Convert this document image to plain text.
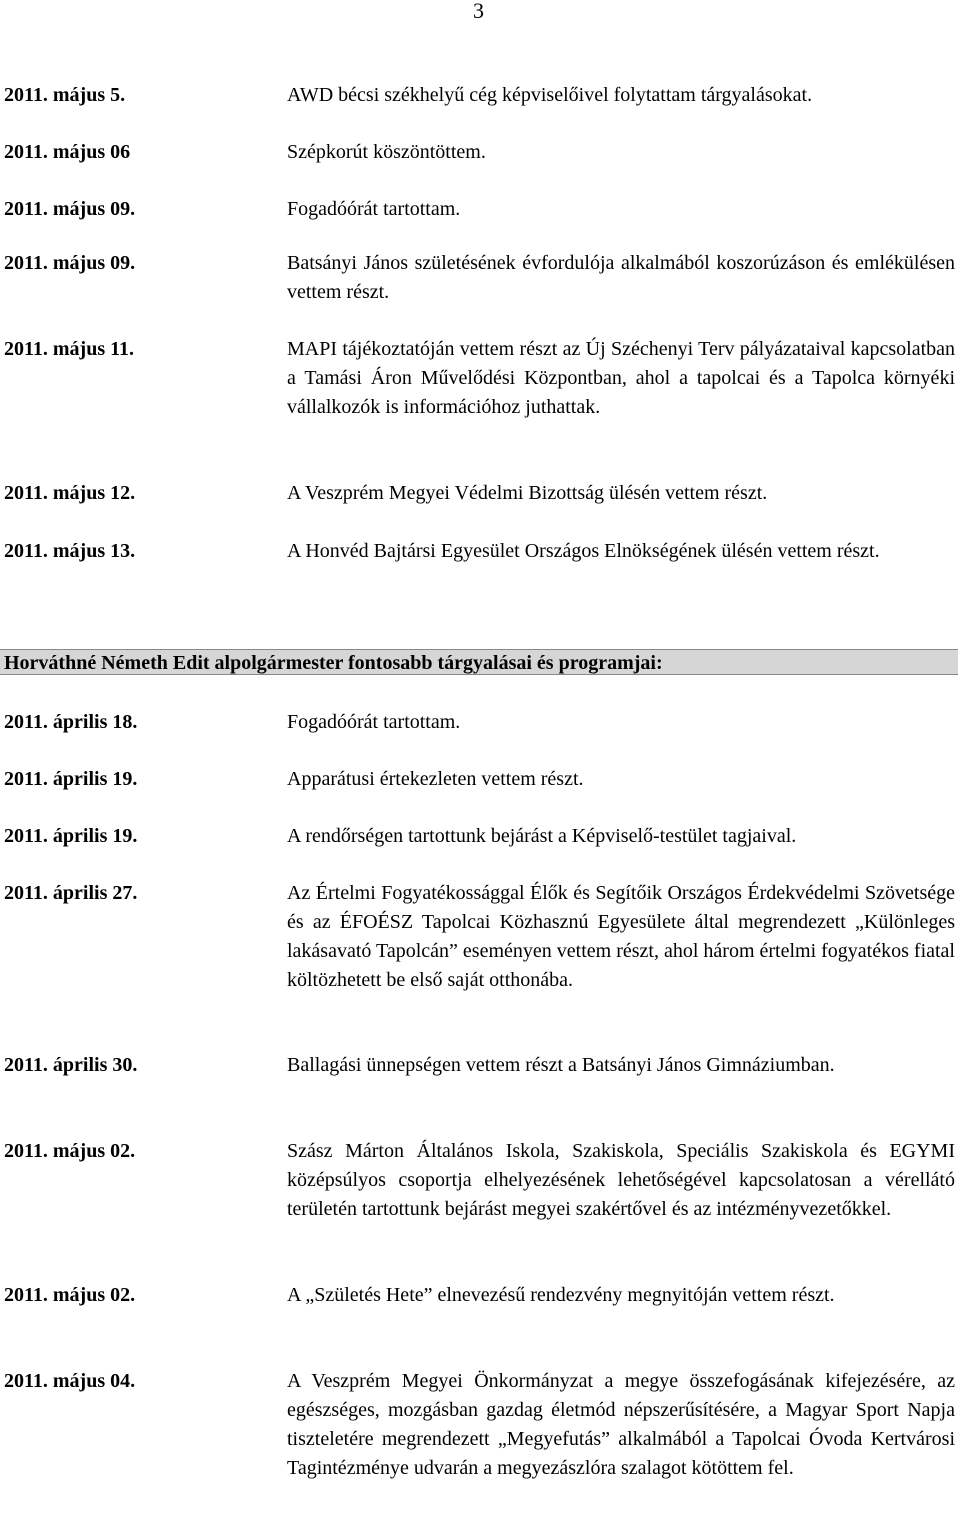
3
2011. május 5.	AWD bécsi székhelyű cég képviselőivel folytattam tárgyalásokat.
2011. május 06	Szépkorút köszöntöttem.
2011. május 09.	Fogadóórát tartottam.
2011. május 09.	Batsányi János születésének évfordulója alkalmából koszorúzáson és emlékülésen vettem részt.
2011. május 11.	MAPI tájékoztatóján vettem részt az Új Széchenyi Terv pályázataival kapcsolatban a Tamási Áron Művelődési Központban, ahol a tapolcai és a Tapolca környéki vállalkozók is információhoz juthattak.
2011. május 12.	A Veszprém Megyei Védelmi Bizottság ülésén vettem részt.
2011. május 13.	A Honvéd Bajtársi Egyesület Országos Elnökségének ülésén vettem részt.
Horváthné Németh Edit alpolgármester fontosabb tárgyalásai és programjai:
2011. április 18.	Fogadóórát tartottam.
2011. április 19.	Apparátusi értekezleten vettem részt.
2011. április 19.	A rendőrségen tartottunk bejárást a Képviselő-testület tagjaival.
2011. április 27.	Az Értelmi Fogyatékossággal Élők és Segítőik Országos Érdekvédelmi Szövetsége és az ÉFOÉSZ Tapolcai Közhasznú Egyesülete által megrendezett „Különleges lakásavató Tapolcán” eseményen vettem részt, ahol három értelmi fogyatékos fiatal költözhetett be első saját otthonába.
2011. április 30.	Ballagási ünnepségen vettem részt a Batsányi János Gimnáziumban.
2011. május 02.	Szász Márton Általános Iskola, Szakiskola, Speciális Szakiskola és EGYMI középsúlyos csoportja elhelyezésének lehetőségével kapcsolatosan a vérellátó területén tartottunk bejárást megyei szakértővel és az intézményvezetőkkel.
2011. május 02.	A „Születés Hete” elnevezésű rendezvény megnyitóján vettem részt.
2011. május 04.	A Veszprém Megyei Önkormányzat a megye összefogásának kifejezésére, az egészséges, mozgásban gazdag életmód népszerűsítésére, a Magyar Sport Napja tiszteletére megrendezett „Megyefutás” alkalmából a Tapolcai Óvoda Kertvárosi Tagintézménye udvarán a megyezászlóra szalagot kötöttem fel.
